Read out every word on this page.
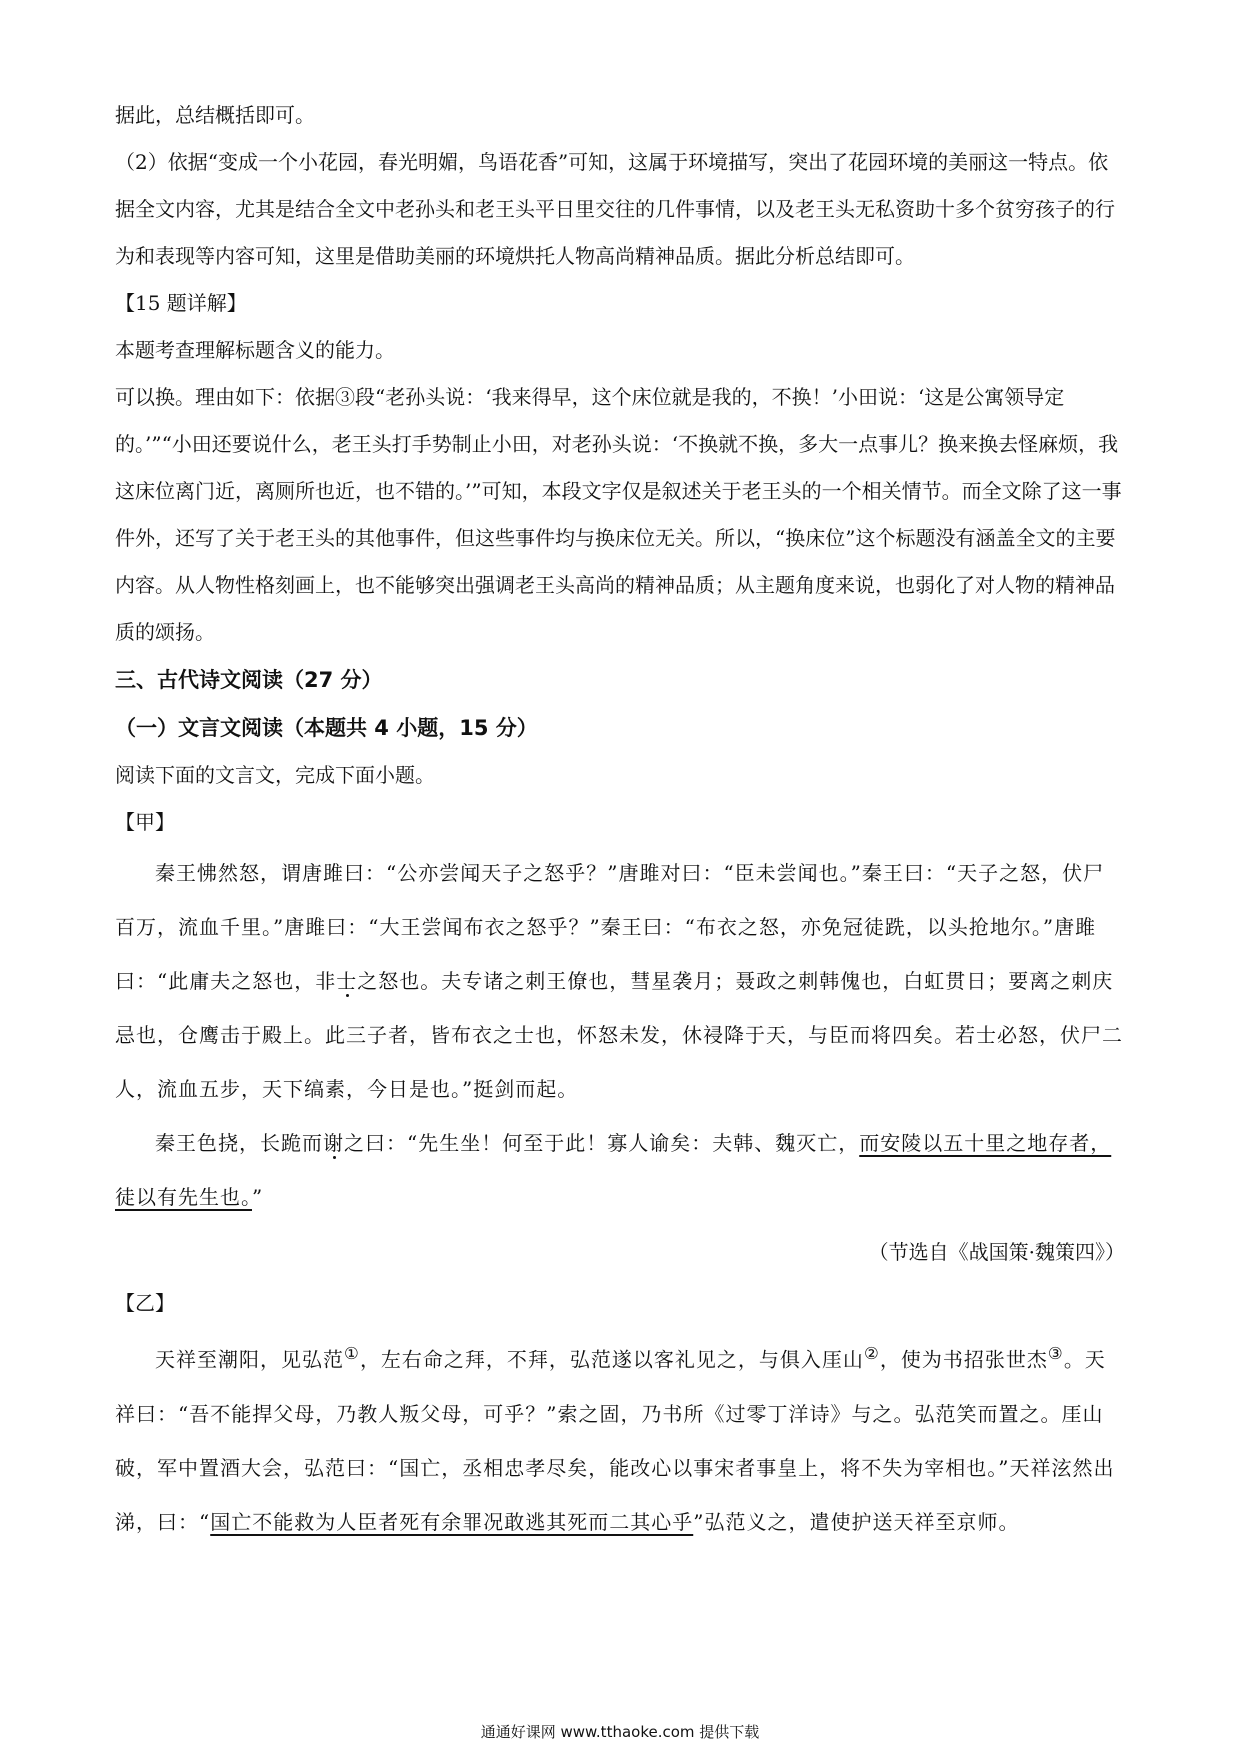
据此，总结概括即可。

（2）依据“变成一个小花园，春光明媚，鸟语花香”可知，这属于环境描写，突出了花园环境的美丽这一特点。依据全文内容，尤其是结合全文中老孙头和老王头平日里交往的几件事情，以及老王头无私资助十多个贫穷孩子的行为和表现等内容可知，这里是借助美丽的环境烘托人物高尚精神品质。据此分析总结即可。

【15 题详解】

本题考查理解标题含义的能力。

可以换。理由如下：依据③段“老孙头说：‘我来得早，这个床位就是我的，不换！’小田说：‘这是公寓领导定的。’”“小田还要说什么，老王头打手势制止小田，对老孙头说：‘不换就不换，多大一点事儿？换来换去怪麻烦，我这床位离门近，离厕所也近，也不错的。’”可知，本段文字仅是叙述关于老王头的一个相关情节。而全文除了这一事件外，还写了关于老王头的其他事件，但这些事件均与换床位无关。所以，“换床位”这个标题没有涵盖全文的主要内容。从人物性格刻画上，也不能够突出强调老王头高尚的精神品质；从主题角度来说，也弱化了对人物的精神品质的颂扬。

三、古代诗文阅读（27 分）

（一）文言文阅读（本题共 4 小题，15 分）

阅读下面的文言文，完成下面小题。

【甲】

秦王怫然怒，谓唐雎曰：“公亦尝闻天子之怒乎？”唐雎对曰：“臣未尝闻也。”秦王曰：“天子之怒，伏尸百万，流血千里。”唐雎曰：“大王尝闻布衣之怒乎？”秦王曰：“布衣之怒，亦免冠徒跣，以头抢地尔。”唐雎曰：“此庸夫之怒也，非士之怒也。夫专诸之刺王僚也，彗星袭月；聂政之刺韩傀也，白虹贯日；要离之刺庆忌也，仓鹰击于殿上。此三子者，皆布衣之士也，怀怒未发，休祲降于天，与臣而将四矣。若士必怒，伏尸二人，流血五步，天下缟素，今日是也。”挺剑而起。

秦王色挠，长跪而谢之曰：“先生坐！何至于此！寡人谕矣：夫韩、魏灭亡，而安陵以五十里之地存者，徒以有先生也。”

（节选自《战国策·魏策四》）

【乙】

天祥至潮阳，见弘范①，左右命之拜，不拜，弘范遂以客礼见之，与俱入厓山②，使为书招张世杰③。天祥曰：“吾不能捍父母，乃教人叛父母，可乎？”索之固，乃书所《过零丁洋诗》与之。弘范笑而置之。厓山破，军中置酒大会，弘范曰：“国亡，丞相忠孝尽矣，能改心以事宋者事皇上，将不失为宰相也。”天祥泫然出涕，曰：“国亡不能救为人臣者死有余罪况敢逃其死而二其心乎”弘范义之，遣使护送天祥至京师。

通通好课网 www.tthaoke.com 提供下载
